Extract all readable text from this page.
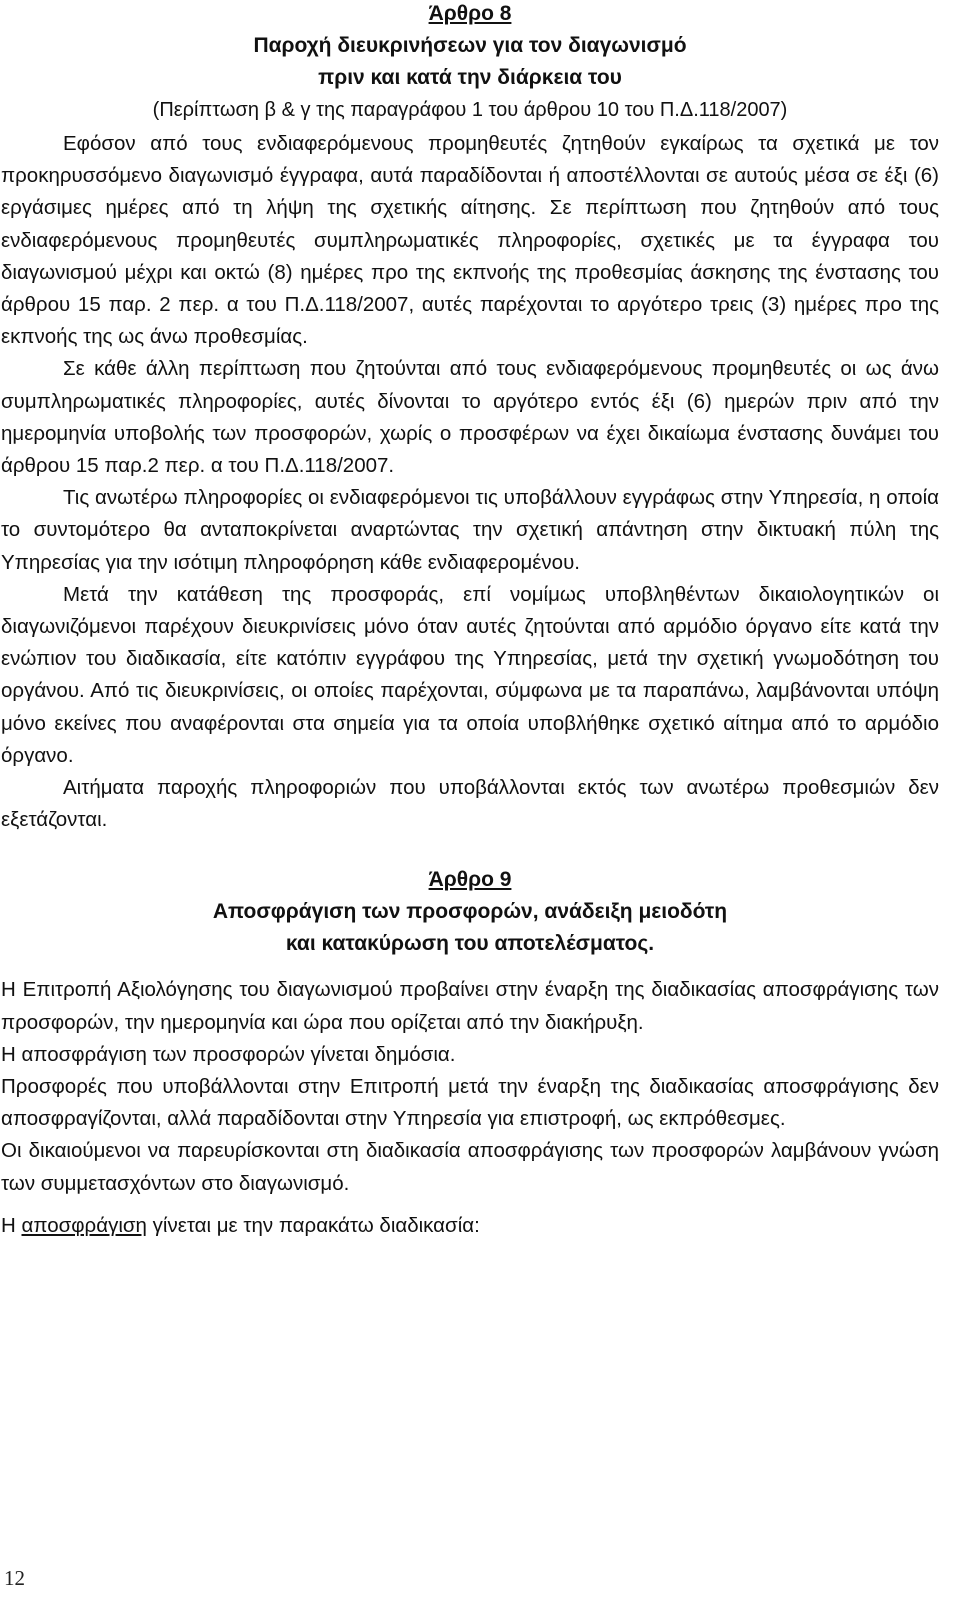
Άρθρο 8
Παροχή διευκρινήσεων για τον διαγωνισμό
πριν και κατά την διάρκεια του
(Περίπτωση β & γ της παραγράφου 1 του άρθρου 10 του Π.Δ.118/2007)

Εφόσον από τους ενδιαφερόμενους προμηθευτές ζητηθούν εγκαίρως τα σχετικά με τον προκηρυσσόμενο διαγωνισμό έγγραφα, αυτά παραδίδονται ή αποστέλλονται σε αυτούς μέσα σε έξι (6) εργάσιμες ημέρες από τη λήψη της σχετικής αίτησης. Σε περίπτωση που ζητηθούν από τους ενδιαφερόμενους προμηθευτές συμπληρωματικές πληροφορίες, σχετικές με τα έγγραφα του διαγωνισμού μέχρι και οκτώ (8) ημέρες προ της εκπνοής της προθεσμίας άσκησης της ένστασης του άρθρου 15 παρ. 2 περ. α του Π.Δ.118/2007, αυτές παρέχονται το αργότερο τρεις (3) ημέρες προ της εκπνοής της ως άνω προθεσμίας.

Σε κάθε άλλη περίπτωση που ζητούνται από τους ενδιαφερόμενους προμηθευτές οι ως άνω συμπληρωματικές πληροφορίες, αυτές δίνονται το αργότερο εντός έξι (6) ημερών πριν από την ημερομηνία υποβολής των προσφορών, χωρίς ο προσφέρων να έχει δικαίωμα ένστασης δυνάμει του άρθρου 15 παρ.2 περ. α του Π.Δ.118/2007.

Τις ανωτέρω πληροφορίες οι ενδιαφερόμενοι τις υποβάλλουν εγγράφως στην Υπηρεσία, η οποία το συντομότερο θα ανταποκρίνεται αναρτώντας την σχετική απάντηση στην δικτυακή πύλη της Υπηρεσίας για την ισότιμη πληροφόρηση κάθε ενδιαφερομένου.

Μετά την κατάθεση της προσφοράς, επί νομίμως υποβληθέντων δικαιολογητικών οι διαγωνιζόμενοι παρέχουν διευκρινίσεις μόνο όταν αυτές ζητούνται από αρμόδιο όργανο είτε κατά την ενώπιον του διαδικασία, είτε κατόπιν εγγράφου της Υπηρεσίας, μετά την σχετική γνωμοδότηση του οργάνου. Από τις διευκρινίσεις, οι οποίες παρέχονται, σύμφωνα με τα παραπάνω, λαμβάνονται υπόψη μόνο εκείνες που αναφέρονται στα σημεία για τα οποία υποβλήθηκε σχετικό αίτημα από το αρμόδιο όργανο.

Αιτήματα παροχής πληροφοριών που υποβάλλονται εκτός των ανωτέρω προθεσμιών δεν εξετάζονται.

Άρθρο 9
Αποσφράγιση των προσφορών, ανάδειξη μειοδότη
και κατακύρωση του αποτελέσματος.

Η Επιτροπή Αξιολόγησης του διαγωνισμού προβαίνει στην έναρξη της διαδικασίας αποσφράγισης των προσφορών, την ημερομηνία και ώρα που ορίζεται από την διακήρυξη.

Η αποσφράγιση των προσφορών γίνεται δημόσια.

Προσφορές που υποβάλλονται στην Επιτροπή μετά την έναρξη της διαδικασίας αποσφράγισης δεν αποσφραγίζονται, αλλά παραδίδονται στην Υπηρεσία για επιστροφή, ως εκπρόθεσμες.

Οι δικαιούμενοι να παρευρίσκονται στη διαδικασία αποσφράγισης των προσφορών λαμβάνουν γνώση των συμμετασχόντων στο διαγωνισμό.

Η αποσφράγιση γίνεται με την παρακάτω διαδικασία:

12
